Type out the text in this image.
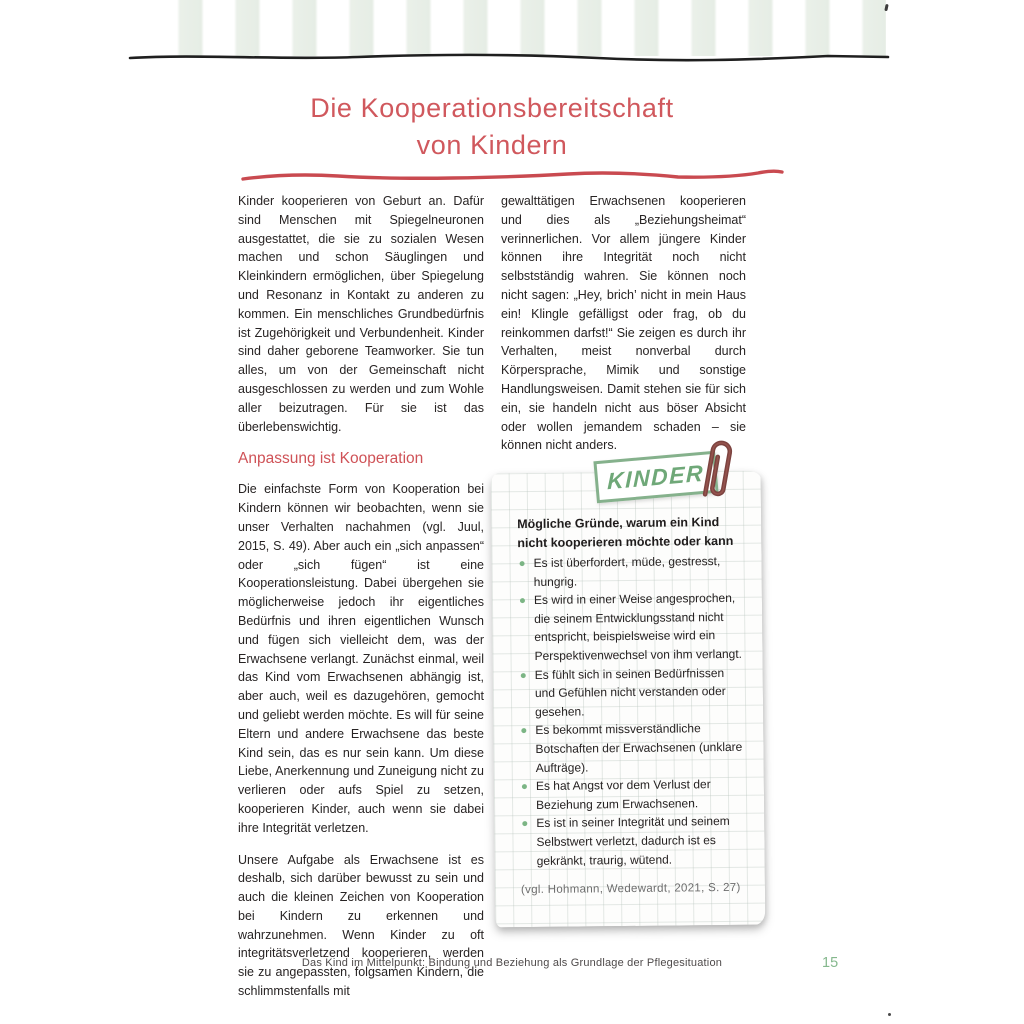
Die Kooperationsbereitschaft
von Kindern

Kinder kooperieren von Geburt an. Dafür sind Menschen mit Spiegelneuronen ausgestattet, die sie zu sozialen Wesen machen und schon Säuglingen und Kleinkindern ermöglichen, über Spiegelung und Resonanz in Kontakt zu anderen zu kommen. Ein menschliches Grundbedürfnis ist Zugehörigkeit und Verbundenheit. Kinder sind daher geborene Teamworker. Sie tun alles, um von der Gemeinschaft nicht ausgeschlossen zu werden und zum Wohle aller beizutragen. Für sie ist das überlebenswichtig.

Anpassung ist Kooperation

Die einfachste Form von Kooperation bei Kindern können wir beobachten, wenn sie unser Verhalten nachahmen (vgl. Juul, 2015, S. 49). Aber auch ein „sich anpassen“ oder „sich fügen“ ist eine Kooperationsleistung. Dabei übergehen sie möglicherweise jedoch ihr eigentliches Bedürfnis und ihren eigentlichen Wunsch und fügen sich vielleicht dem, was der Erwachsene verlangt. Zunächst einmal, weil das Kind vom Erwachsenen abhängig ist, aber auch, weil es dazugehören, gemocht und geliebt werden möchte. Es will für seine Eltern und andere Erwachsene das beste Kind sein, das es nur sein kann. Um diese Liebe, Anerkennung und Zuneigung nicht zu verlieren oder aufs Spiel zu setzen, kooperieren Kinder, auch wenn sie dabei ihre Integrität verletzen.

Unsere Aufgabe als Erwachsene ist es deshalb, sich darüber bewusst zu sein und auch die kleinen Zeichen von Kooperation bei Kindern zu erkennen und wahrzunehmen. Wenn Kinder zu oft integritätsverletzend kooperieren, werden sie zu angepassten, folgsamen Kindern, die schlimmstenfalls mit

gewalttätigen Erwachsenen kooperieren und dies als „Beziehungsheimat“ verinnerlichen. Vor allem jüngere Kinder können ihre Integrität noch nicht selbstständig wahren. Sie können noch nicht sagen: „Hey, brich’ nicht in mein Haus ein! Klingle gefälligst oder frag, ob du reinkommen darfst!“ Sie zeigen es durch ihr Verhalten, meist nonverbal durch Körpersprache, Mimik und sonstige Handlungsweisen. Damit stehen sie für sich ein, sie handeln nicht aus böser Absicht oder wollen jemandem schaden – sie können nicht anders.

Mögliche Gründe, warum ein Kind nicht kooperieren möchte oder kann

Es ist überfordert, müde, gestresst, hungrig.
Es wird in einer Weise angesprochen, die seinem Entwicklungsstand nicht entspricht, beispielsweise wird ein Perspektivenwechsel von ihm verlangt.
Es fühlt sich in seinen Bedürfnissen und Gefühlen nicht verstanden oder gesehen.
Es bekommt missverständliche Botschaften der Erwachsenen (unklare Aufträge).
Es hat Angst vor dem Verlust der Beziehung zum Erwachsenen.
Es ist in seiner Integrität und seinem Selbstwert verletzt, dadurch ist es gekränkt, traurig, wütend.
(vgl. Hohmann, Wedewardt, 2021, S. 27)
KINDER
Das Kind im Mittelpunkt: Bindung und Beziehung als Grundlage der Pflegesituation	15
